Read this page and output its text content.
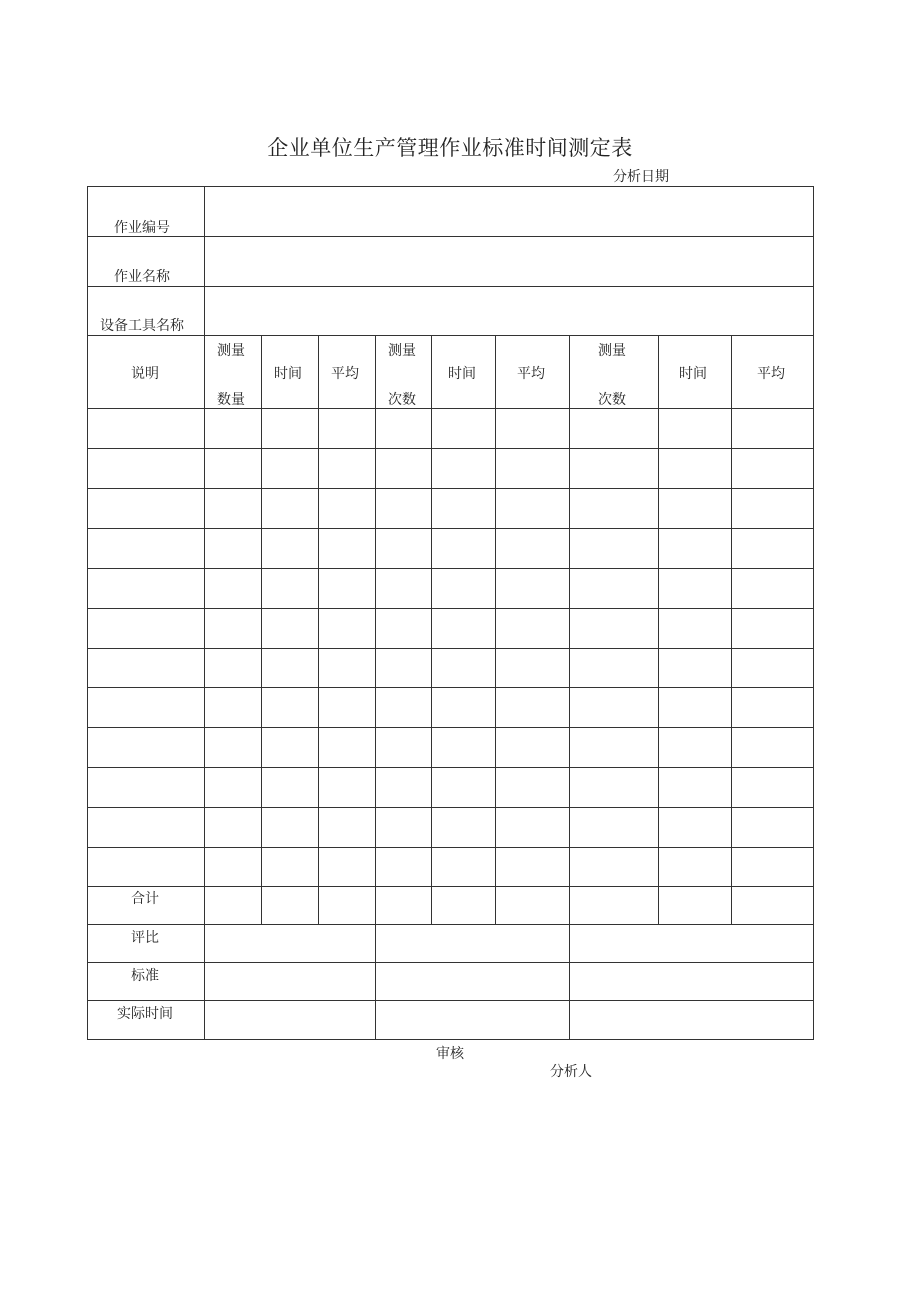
企业单位生产管理作业标准时间测定表
分析日期
作业编号
作业名称
设备工具名称
说明
测量
数量
时间 平均
测量
次数
时间	平均
测量
次数
时间	平均
合计
评比
标准
实际时间
审核
分析人
